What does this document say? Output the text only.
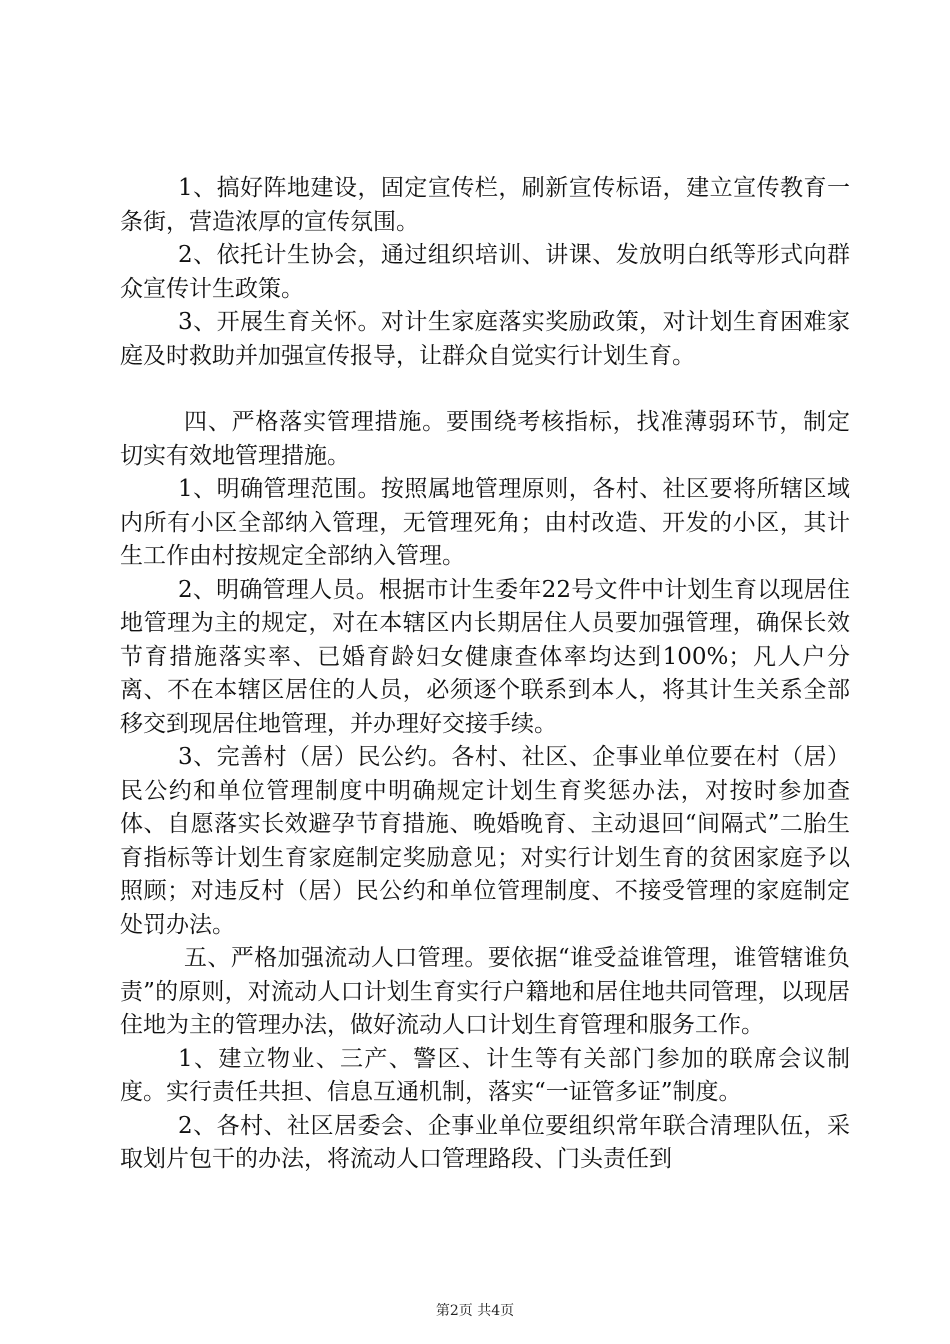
1、搞好阵地建设，固定宣传栏，刷新宣传标语，建立宣传教育一条街，营造浓厚的宣传氛围。

2、依托计生协会，通过组织培训、讲课、发放明白纸等形式向群众宣传计生政策。

3、开展生育关怀。对计生家庭落实奖励政策，对计划生育困难家庭及时救助并加强宣传报导，让群众自觉实行计划生育。

四、严格落实管理措施。要围绕考核指标，找准薄弱环节，制定切实有效地管理措施。

1、明确管理范围。按照属地管理原则，各村、社区要将所辖区域内所有小区全部纳入管理，无管理死角；由村改造、开发的小区，其计生工作由村按规定全部纳入管理。

2、明确管理人员。根据市计生委年22号文件中计划生育以现居住地管理为主的规定，对在本辖区内长期居住人员要加强管理，确保长效节育措施落实率、已婚育龄妇女健康查体率均达到100%；凡人户分离、不在本辖区居住的人员，必须逐个联系到本人，将其计生关系全部移交到现居住地管理，并办理好交接手续。

3、完善村（居）民公约。各村、社区、企事业单位要在村（居）民公约和单位管理制度中明确规定计划生育奖惩办法，对按时参加查体、自愿落实长效避孕节育措施、晚婚晚育、主动退回“间隔式”二胎生育指标等计划生育家庭制定奖励意见；对实行计划生育的贫困家庭予以照顾；对违反村（居）民公约和单位管理制度、不接受管理的家庭制定处罚办法。

五、严格加强流动人口管理。要依据“谁受益谁管理，谁管辖谁负责”的原则，对流动人口计划生育实行户籍地和居住地共同管理，以现居住地为主的管理办法，做好流动人口计划生育管理和服务工作。

1、建立物业、三产、警区、计生等有关部门参加的联席会议制度。实行责任共担、信息互通机制，落实“一证管多证”制度。

2、各村、社区居委会、企事业单位要组织常年联合清理队伍，采取划片包干的办法，将流动人口管理路段、门头责任到

第2页 共4页
